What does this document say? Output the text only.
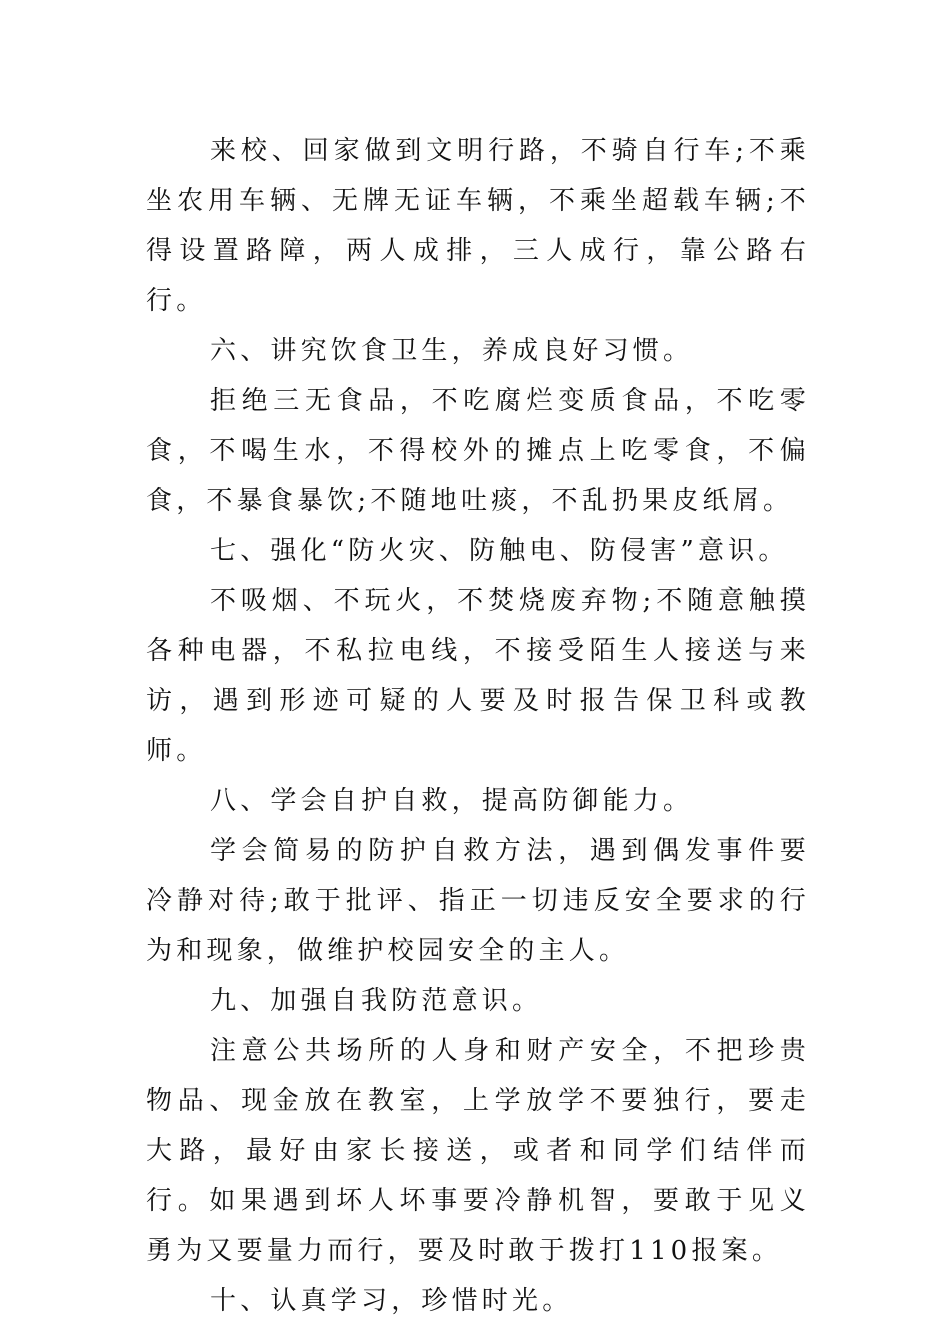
来校、回家做到文明行路，不骑自行车;不乘坐农用车辆、无牌无证车辆，不乘坐超载车辆;不得设置路障，两人成排，三人成行，靠公路右行。

六、讲究饮食卫生，养成良好习惯。

拒绝三无食品，不吃腐烂变质食品，不吃零食，不喝生水，不得校外的摊点上吃零食，不偏食，不暴食暴饮;不随地吐痰，不乱扔果皮纸屑。

七、强化“防火灾、防触电、防侵害”意识。

不吸烟、不玩火，不焚烧废弃物;不随意触摸各种电器，不私拉电线，不接受陌生人接送与来访，遇到形迹可疑的人要及时报告保卫科或教师。

八、学会自护自救，提高防御能力。

学会简易的防护自救方法，遇到偶发事件要冷静对待;敢于批评、指正一切违反安全要求的行为和现象，做维护校园安全的主人。

九、加强自我防范意识。

注意公共场所的人身和财产安全，不把珍贵物品、现金放在教室，上学放学不要独行，要走大路，最好由家长接送，或者和同学们结伴而行。如果遇到坏人坏事要冷静机智，要敢于见义勇为又要量力而行，要及时敢于拨打110报案。

十、认真学习，珍惜时光。
